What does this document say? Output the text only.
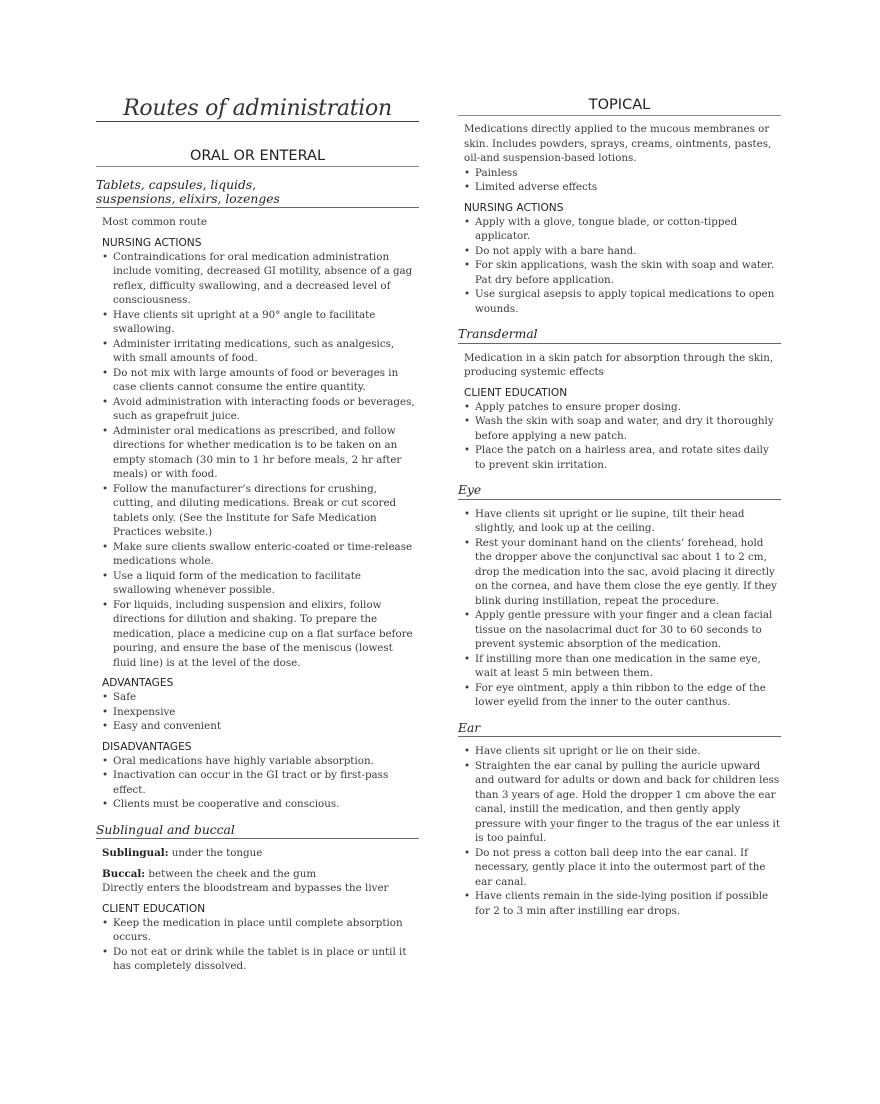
Routes of administration
ORAL OR ENTERAL
Tablets, capsules, liquids, suspensions, elixirs, lozenges
Most common route
NURSING ACTIONS
• Contraindications for oral medication administration include vomiting, decreased GI motility, absence of a gag reflex, difficulty swallowing, and a decreased level of consciousness.
• Have clients sit upright at a 90° angle to facilitate swallowing.
• Administer irritating medications, such as analgesics, with small amounts of food.
• Do not mix with large amounts of food or beverages in case clients cannot consume the entire quantity.
• Avoid administration with interacting foods or beverages, such as grapefruit juice.
• Administer oral medications as prescribed, and follow directions for whether medication is to be taken on an empty stomach (30 min to 1 hr before meals, 2 hr after meals) or with food.
• Follow the manufacturer’s directions for crushing, cutting, and diluting medications. Break or cut scored tablets only. (See the Institute for Safe Medication Practices website.)
• Make sure clients swallow enteric-coated or time-release medications whole.
• Use a liquid form of the medication to facilitate swallowing whenever possible.
• For liquids, including suspension and elixirs, follow directions for dilution and shaking. To prepare the medication, place a medicine cup on a flat surface before pouring, and ensure the base of the meniscus (lowest fluid line) is at the level of the dose.
ADVANTAGES
• Safe
• Inexpensive
• Easy and convenient
DISADVANTAGES
• Oral medications have highly variable absorption.
• Inactivation can occur in the GI tract or by first-pass effect.
• Clients must be cooperative and conscious.
Sublingual and buccal
Sublingual: under the tongue
Buccal: between the cheek and the gum
Directly enters the bloodstream and bypasses the liver
CLIENT EDUCATION
• Keep the medication in place until complete absorption occurs.
• Do not eat or drink while the tablet is in place or until it has completely dissolved.
TOPICAL
Medications directly applied to the mucous membranes or skin. Includes powders, sprays, creams, ointments, pastes, oil-and suspension-based lotions.
• Painless
• Limited adverse effects
NURSING ACTIONS
• Apply with a glove, tongue blade, or cotton-tipped applicator.
• Do not apply with a bare hand.
• For skin applications, wash the skin with soap and water. Pat dry before application.
• Use surgical asepsis to apply topical medications to open wounds.
Transdermal
Medication in a skin patch for absorption through the skin, producing systemic effects
CLIENT EDUCATION
• Apply patches to ensure proper dosing.
• Wash the skin with soap and water, and dry it thoroughly before applying a new patch.
• Place the patch on a hairless area, and rotate sites daily to prevent skin irritation.
Eye
• Have clients sit upright or lie supine, tilt their head slightly, and look up at the ceiling.
• Rest your dominant hand on the clients’ forehead, hold the dropper above the conjunctival sac about 1 to 2 cm, drop the medication into the sac, avoid placing it directly on the cornea, and have them close the eye gently. If they blink during instillation, repeat the procedure.
• Apply gentle pressure with your finger and a clean facial tissue on the nasolacrimal duct for 30 to 60 seconds to prevent systemic absorption of the medication.
• If instilling more than one medication in the same eye, wait at least 5 min between them.
• For eye ointment, apply a thin ribbon to the edge of the lower eyelid from the inner to the outer canthus.
Ear
• Have clients sit upright or lie on their side.
• Straighten the ear canal by pulling the auricle upward and outward for adults or down and back for children less than 3 years of age. Hold the dropper 1 cm above the ear canal, instill the medication, and then gently apply pressure with your finger to the tragus of the ear unless it is too painful.
• Do not press a cotton ball deep into the ear canal. If necessary, gently place it into the outermost part of the ear canal.
• Have clients remain in the side-lying position if possible for 2 to 3 min after instilling ear drops.
